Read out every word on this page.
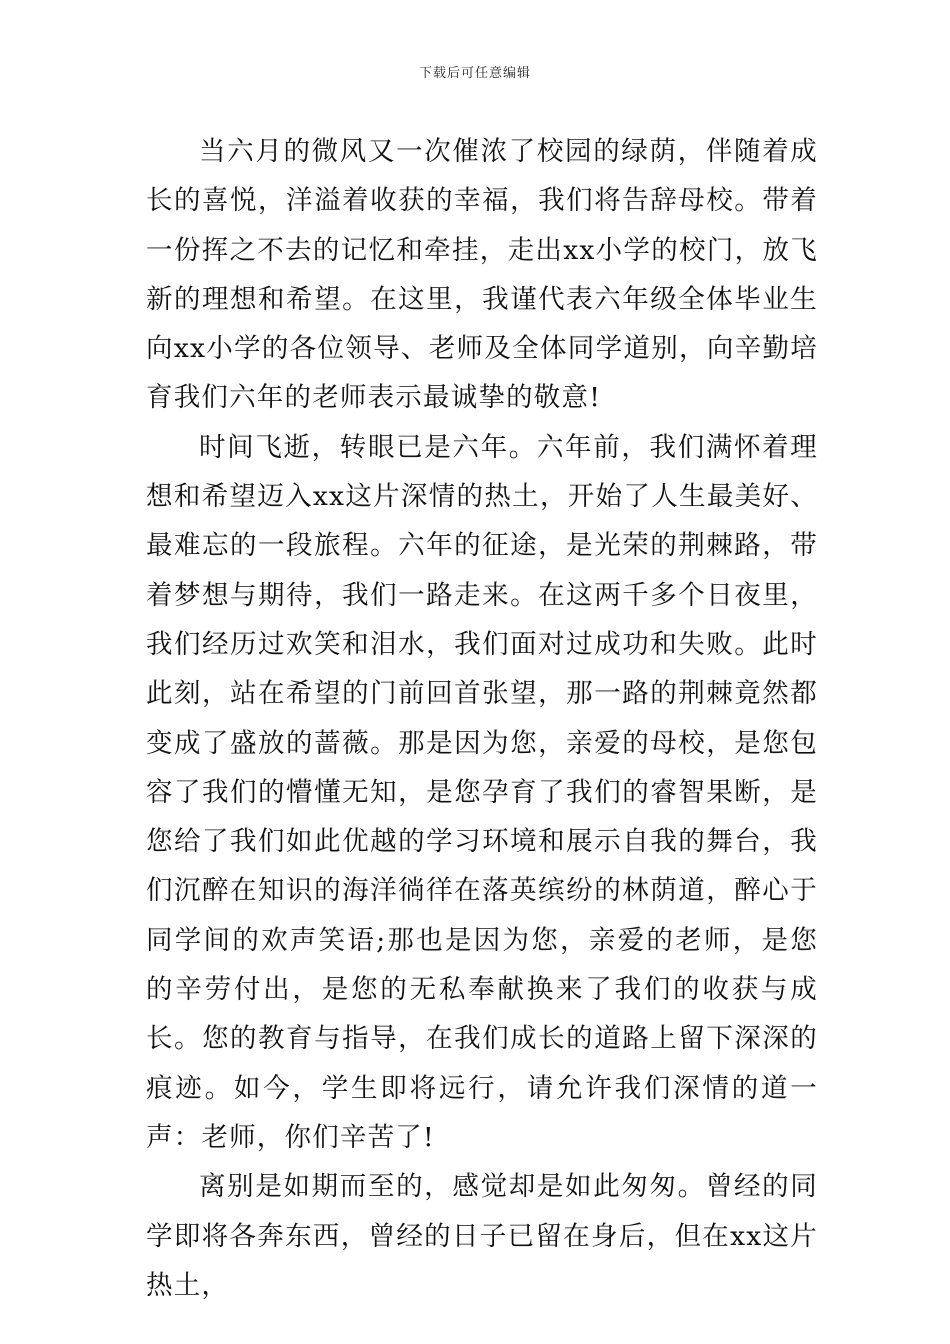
下载后可任意编辑

当六月的微风又一次催浓了校园的绿荫，伴随着成长的喜悦，洋溢着收获的幸福，我们将告辞母校。带着一份挥之不去的记忆和牵挂，走出xx小学的校门，放飞新的理想和希望。在这里，我谨代表六年级全体毕业生向xx小学的各位领导、老师及全体同学道别，向辛勤培育我们六年的老师表示最诚挚的敬意!

时间飞逝，转眼已是六年。六年前，我们满怀着理想和希望迈入xx这片深情的热土，开始了人生最美好、最难忘的一段旅程。六年的征途，是光荣的荆棘路，带着梦想与期待，我们一路走来。在这两千多个日夜里，我们经历过欢笑和泪水，我们面对过成功和失败。此时此刻，站在希望的门前回首张望，那一路的荆棘竟然都变成了盛放的蔷薇。那是因为您，亲爱的母校，是您包容了我们的懵懂无知，是您孕育了我们的睿智果断，是您给了我们如此优越的学习环境和展示自我的舞台，我们沉醉在知识的海洋徜徉在落英缤纷的林荫道，醉心于同学间的欢声笑语;那也是因为您，亲爱的老师，是您的辛劳付出，是您的无私奉献换来了我们的收获与成长。您的教育与指导，在我们成长的道路上留下深深的痕迹。如今，学生即将远行，请允许我们深情的道一声：老师，你们辛苦了!

离别是如期而至的，感觉却是如此匆匆。曾经的同学即将各奔东西，曾经的日子已留在身后，但在xx这片热土，
